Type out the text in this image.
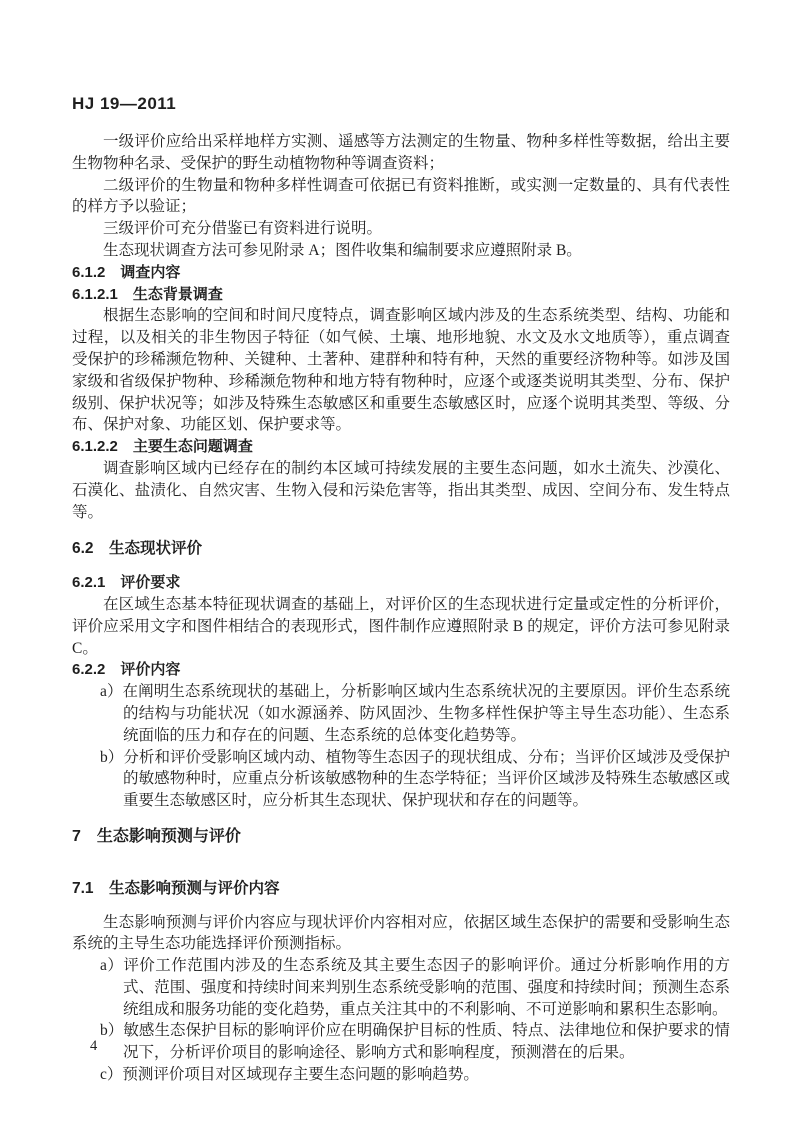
HJ 19—2011

一级评价应给出采样地样方实测、遥感等方法测定的生物量、物种多样性等数据，给出主要生物物种名录、受保护的野生动植物物种等调查资料；

二级评价的生物量和物种多样性调查可依据已有资料推断，或实测一定数量的、具有代表性的样方予以验证；

三级评价可充分借鉴已有资料进行说明。

生态现状调查方法可参见附录 A；图件收集和编制要求应遵照附录 B。

6.1.2　调查内容

6.1.2.1　生态背景调查

根据生态影响的空间和时间尺度特点，调查影响区域内涉及的生态系统类型、结构、功能和过程，以及相关的非生物因子特征（如气候、土壤、地形地貌、水文及水文地质等），重点调查受保护的珍稀濒危物种、关键种、土著种、建群种和特有种，天然的重要经济物种等。如涉及国家级和省级保护物种、珍稀濒危物种和地方特有物种时，应逐个或逐类说明其类型、分布、保护级别、保护状况等；如涉及特殊生态敏感区和重要生态敏感区时，应逐个说明其类型、等级、分布、保护对象、功能区划、保护要求等。

6.1.2.2　主要生态问题调查

调查影响区域内已经存在的制约本区域可持续发展的主要生态问题，如水土流失、沙漠化、石漠化、盐渍化、自然灾害、生物入侵和污染危害等，指出其类型、成因、空间分布、发生特点等。

6.2　生态现状评价

6.2.1　评价要求

在区域生态基本特征现状调查的基础上，对评价区的生态现状进行定量或定性的分析评价，评价应采用文字和图件相结合的表现形式，图件制作应遵照附录 B 的规定，评价方法可参见附录 C。

6.2.2　评价内容

a）在阐明生态系统现状的基础上，分析影响区域内生态系统状况的主要原因。评价生态系统的结构与功能状况（如水源涵养、防风固沙、生物多样性保护等主导生态功能）、生态系统面临的压力和存在的问题、生态系统的总体变化趋势等。

b）分析和评价受影响区域内动、植物等生态因子的现状组成、分布；当评价区域涉及受保护的敏感物种时，应重点分析该敏感物种的生态学特征；当评价区域涉及特殊生态敏感区或重要生态敏感区时，应分析其生态现状、保护现状和存在的问题等。

7　生态影响预测与评价

7.1　生态影响预测与评价内容

生态影响预测与评价内容应与现状评价内容相对应，依据区域生态保护的需要和受影响生态系统的主导生态功能选择评价预测指标。

a）评价工作范围内涉及的生态系统及其主要生态因子的影响评价。通过分析影响作用的方式、范围、强度和持续时间来判别生态系统受影响的范围、强度和持续时间；预测生态系统组成和服务功能的变化趋势，重点关注其中的不利影响、不可逆影响和累积生态影响。

b）敏感生态保护目标的影响评价应在明确保护目标的性质、特点、法律地位和保护要求的情况下，分析评价项目的影响途径、影响方式和影响程度，预测潜在的后果。

c）预测评价项目对区域现存主要生态问题的影响趋势。

4
